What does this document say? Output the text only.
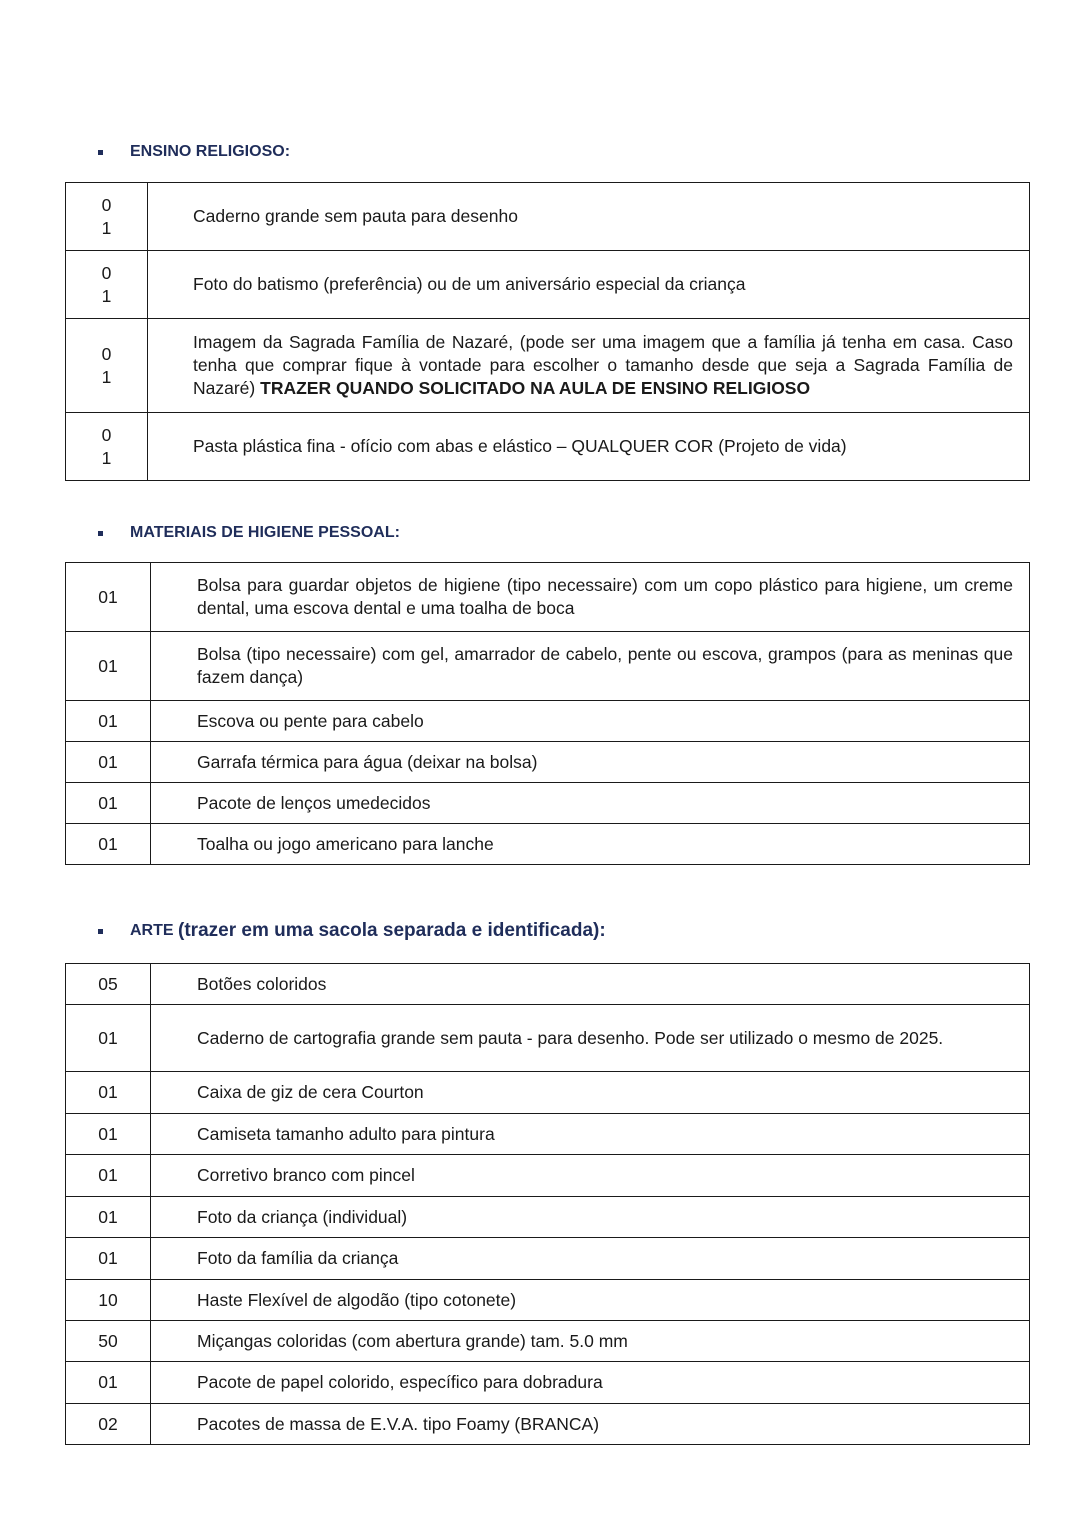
ENSINO RELIGIOSO:
0
1	Caderno grande sem pauta para desenho

0
1	Foto do batismo (preferência) ou de um aniversário especial da criança

0
1	Imagem da Sagrada Família de Nazaré, (pode ser uma imagem que a família já tenha em casa. Caso tenha que comprar fique à vontade para escolher o tamanho desde que seja a Sagrada Família de Nazaré) TRAZER QUANDO SOLICITADO NA AULA DE ENSINO RELIGIOSO

0
1	Pasta plástica fina - ofício com abas e elástico – QUALQUER COR (Projeto de vida)
MATERIAIS DE HIGIENE PESSOAL:
01	Bolsa para guardar objetos de higiene (tipo necessaire) com um copo plástico para higiene, um creme dental, uma escova dental e uma toalha de boca
01	Bolsa (tipo necessaire) com gel, amarrador de cabelo, pente ou escova, grampos (para as meninas que fazem dança)
01	Escova ou pente para cabelo
01	Garrafa térmica para água (deixar na bolsa)
01	Pacote de lenços umedecidos
01	Toalha ou jogo americano para lanche
ARTE
(trazer em uma sacola separada e identificada):
05	Botões coloridos
01	Caderno de cartografia grande sem pauta - para desenho. Pode ser utilizado o mesmo de 2025.
01	Caixa de giz de cera Courton
01	Camiseta tamanho adulto para pintura
01	Corretivo branco com pincel
01	Foto da criança (individual)
01	Foto da família da criança
10	Haste Flexível de algodão (tipo cotonete)
50	Miçangas coloridas (com abertura grande) tam. 5.0 mm
01	Pacote de papel colorido, específico para dobradura
02	Pacotes de massa de E.V.A. tipo Foamy (BRANCA)
